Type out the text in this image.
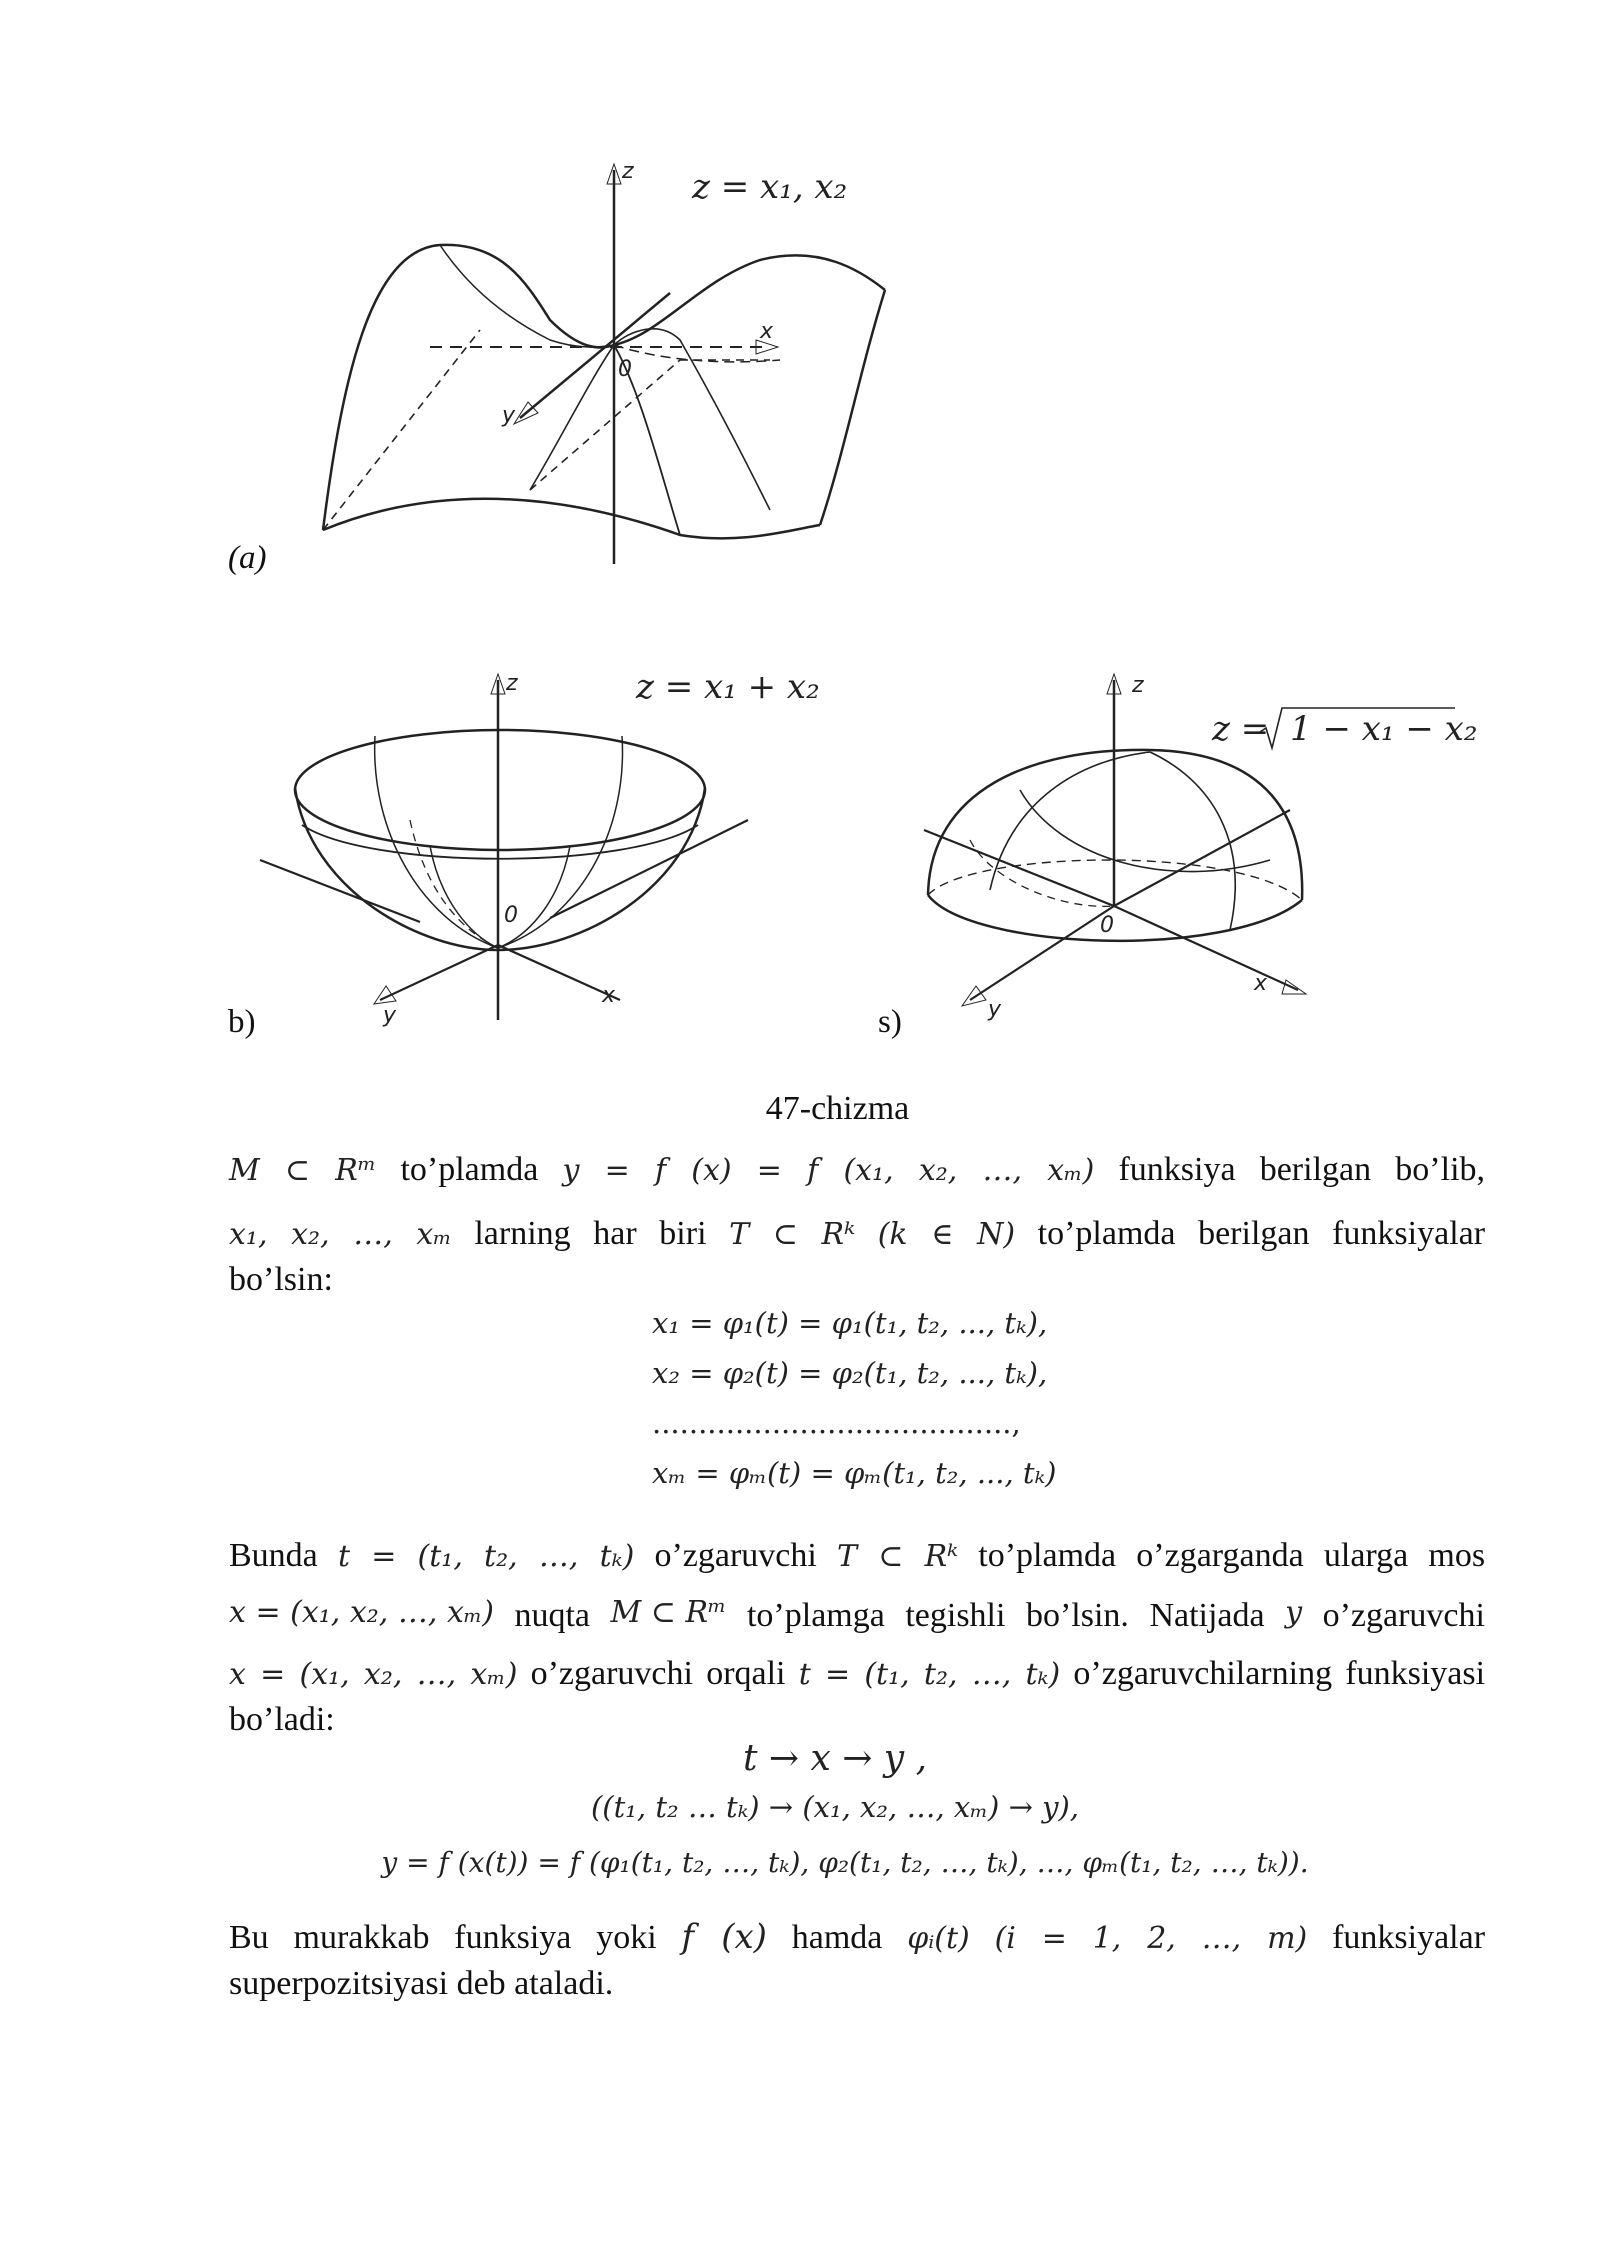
z
x
y
0
z = x₁, x₂
(a)
z
x
y
0
z = x₁ + x₂
b)
z
x
y
0
z = 1 − x₁ − x₂
s)
47-chizma
M ⊂ Rᵐ to’plamda y = f (x) = f (x₁, x₂, …, xₘ) funksiya berilgan bo’lib,
x₁, x₂, …, xₘ larning har biri T ⊂ Rᵏ (k ∈ N) to’plamda berilgan funksiyalar
bo’lsin:
x₁ = φ₁(t) = φ₁(t₁, t₂, ..., tₖ),
x₂ = φ₂(t) = φ₂(t₁, t₂, ..., tₖ),
.......................................,
xₘ = φₘ(t) = φₘ(t₁, t₂, ..., tₖ)
Bunda t = (t₁, t₂, …, tₖ) o’zgaruvchi T ⊂ Rᵏ to’plamda o’zgarganda ularga mos
x = (x₁, x₂, …, xₘ) nuqta M ⊂ Rᵐ to’plamga tegishli bo’lsin. Natijada y o’zgaruvchi
x = (x₁, x₂, …, xₘ) o’zgaruvchi orqali t = (t₁, t₂, …, tₖ) o’zgaruvchilarning funksiyasi
bo’ladi:
t → x → y ,
((t₁, t₂ … tₖ) → (x₁, x₂, …, xₘ) → y),
y = f (x(t)) = f (φ₁(t₁, t₂, …, tₖ), φ₂(t₁, t₂, …, tₖ), …, φₘ(t₁, t₂, …, tₖ)).
Bu murakkab funksiya yoki f (x) hamda φᵢ(t) (i = 1, 2, …, m) funksiyalar
superpozitsiyasi deb ataladi.
